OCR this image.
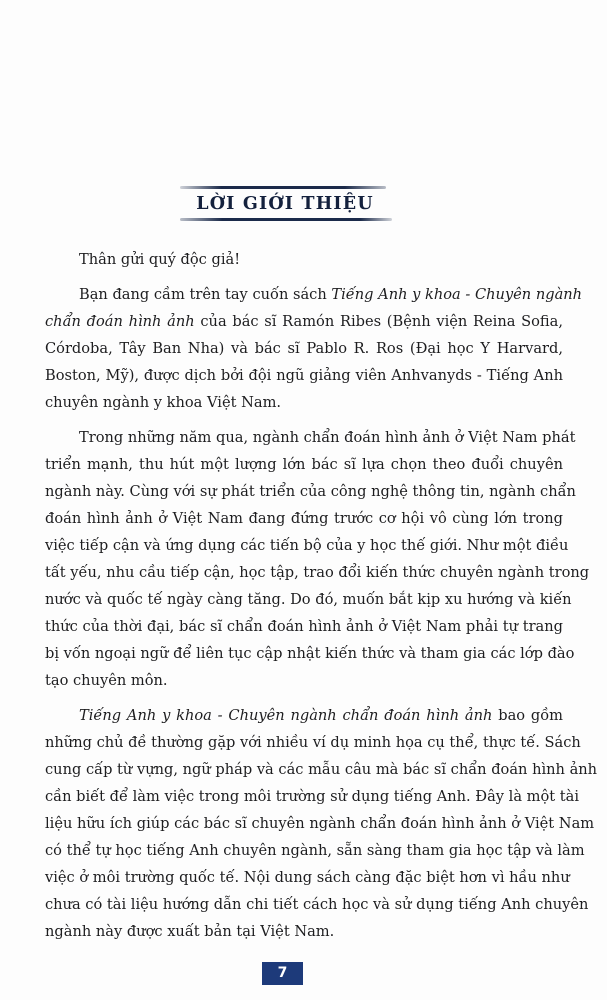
LỜI GIỚI THIỆU

Thân gửi quý độc giả!

Bạn đang cầm trên tay cuốn sách Tiếng Anh y khoa - Chuyên ngành
chẩn đoán hình ảnh của bác sĩ Ramón Ribes (Bệnh viện Reina Sofia,
Córdoba, Tây Ban Nha) và bác sĩ Pablo R. Ros (Đại học Y Harvard,
Boston, Mỹ), được dịch bởi đội ngũ giảng viên Anhvanyds - Tiếng Anh
chuyên ngành y khoa Việt Nam.

Trong những năm qua, ngành chẩn đoán hình ảnh ở Việt Nam phát
triển mạnh, thu hút một lượng lớn bác sĩ lựa chọn theo đuổi chuyên
ngành này. Cùng với sự phát triển của công nghệ thông tin, ngành chẩn
đoán hình ảnh ở Việt Nam đang đứng trước cơ hội vô cùng lớn trong
việc tiếp cận và ứng dụng các tiến bộ của y học thế giới. Như một điều
tất yếu, nhu cầu tiếp cận, học tập, trao đổi kiến thức chuyên ngành trong
nước và quốc tế ngày càng tăng. Do đó, muốn bắt kịp xu hướng và kiến
thức của thời đại, bác sĩ chẩn đoán hình ảnh ở Việt Nam phải tự trang
bị vốn ngoại ngữ để liên tục cập nhật kiến thức và tham gia các lớp đào
tạo chuyên môn.

Tiếng Anh y khoa - Chuyên ngành chẩn đoán hình ảnh bao gồm
những chủ đề thường gặp với nhiều ví dụ minh họa cụ thể, thực tế. Sách
cung cấp từ vựng, ngữ pháp và các mẫu câu mà bác sĩ chẩn đoán hình ảnh
cần biết để làm việc trong môi trường sử dụng tiếng Anh. Đây là một tài
liệu hữu ích giúp các bác sĩ chuyên ngành chẩn đoán hình ảnh ở Việt Nam
có thể tự học tiếng Anh chuyên ngành, sẵn sàng tham gia học tập và làm
việc ở môi trường quốc tế. Nội dung sách càng đặc biệt hơn vì hầu như
chưa có tài liệu hướng dẫn chi tiết cách học và sử dụng tiếng Anh chuyên
ngành này được xuất bản tại Việt Nam.

7
